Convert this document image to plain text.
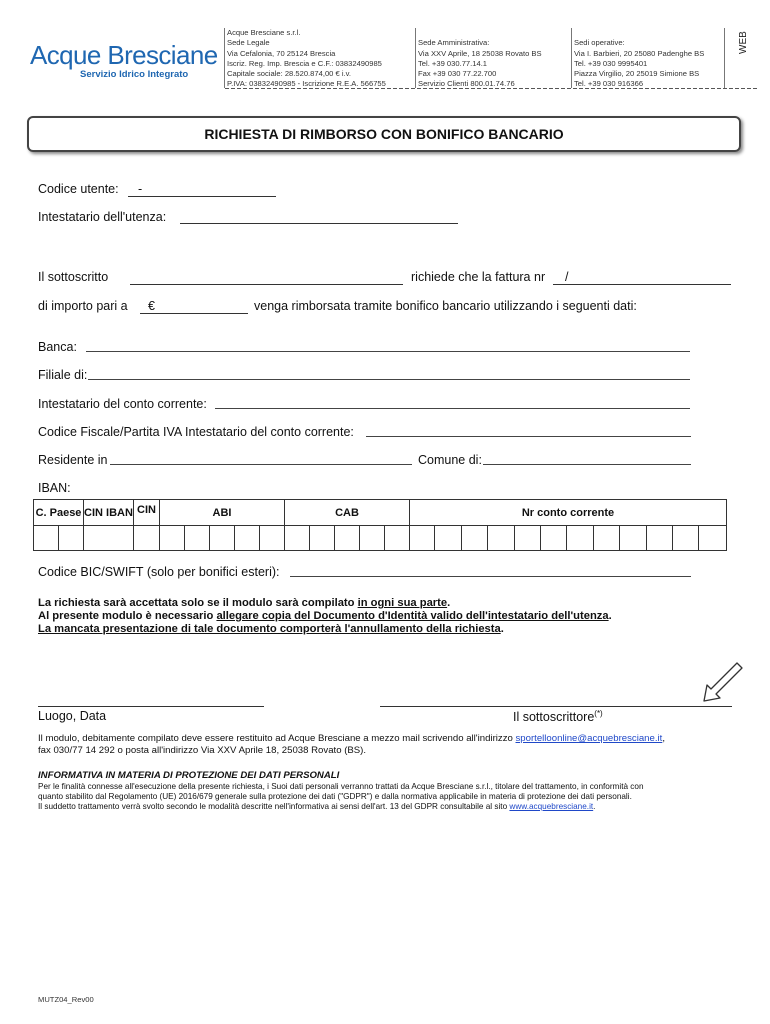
Acque Bresciane
Servizio Idrico Integrato
Acque Bresciane s.r.l.
Sede Legale
Via Cefalonia, 70 25124 Brescia
Iscriz. Reg. Imp. Brescia e C.F.: 03832490985
Capitale sociale: 28.520.874,00 € i.v.
P.IVA: 03832490985 - Iscrizione R.E.A. 566755

Sede Amministrativa:
Via XXV Aprile, 18 25038 Rovato BS
Tel. +39 030.77.14.1
Fax +39 030 77.22.700
Servizio Clienti 800.01.74.76

Sedi operative:
Via I. Barbieri, 20 25080 Padenghe BS
Tel. +39 030 9995401
Piazza Virgilio, 20 25019 Simione BS
Tel. +39 030 916366
WEB
RICHIESTA DI RIMBORSO CON BONIFICO BANCARIO
Codice utente: -
Intestatario dell'utenza:
Il sottoscritto	richiede che la fattura nr /
di importo pari a €	venga rimborsata tramite bonifico bancario utilizzando i seguenti dati:
Banca:
Filiale di:
Intestatario del conto corrente:
Codice Fiscale/Partita IVA Intestatario del conto corrente:
Residente in	Comune di:
IBAN:
C. Paese		CIN IBAN	CIN	ABI					CAB					Nr conto corrente											

Codice BIC/SWIFT (solo per bonifici esteri):
La richiesta sarà accettata solo se il modulo sarà compilato in ogni sua parte.
Al presente modulo è necessario allegare copia del Documento d'Identità valido dell'intestatario dell'utenza.
La mancata presentazione di tale documento comporterà l'annullamento della richiesta.
Luogo, Data	Il sottoscrittore(*)
Il modulo, debitamente compilato deve essere restituito ad Acque Bresciane a mezzo mail scrivendo all'indirizzo sportelloonline@acquebresciane.it,
fax 030/77 14 292 o posta all'indirizzo Via XXV Aprile 18, 25038 Rovato (BS).
INFORMATIVA IN MATERIA DI PROTEZIONE DEI DATI PERSONALI
Per le finalità connesse all'esecuzione della presente richiesta, i Suoi dati personali verranno trattati da Acque Bresciane s.r.l., titolare del trattamento, in conformità con
quanto stabilito dal Regolamento (UE) 2016/679 generale sulla protezione dei dati ("GDPR") e dalla normativa applicabile in materia di protezione dei dati personali.
Il suddetto trattamento verrà svolto secondo le modalità descritte nell'informativa ai sensi dell'art. 13 del GDPR consultabile al sito www.acquebresciane.it.
MUTZ04_Rev00
